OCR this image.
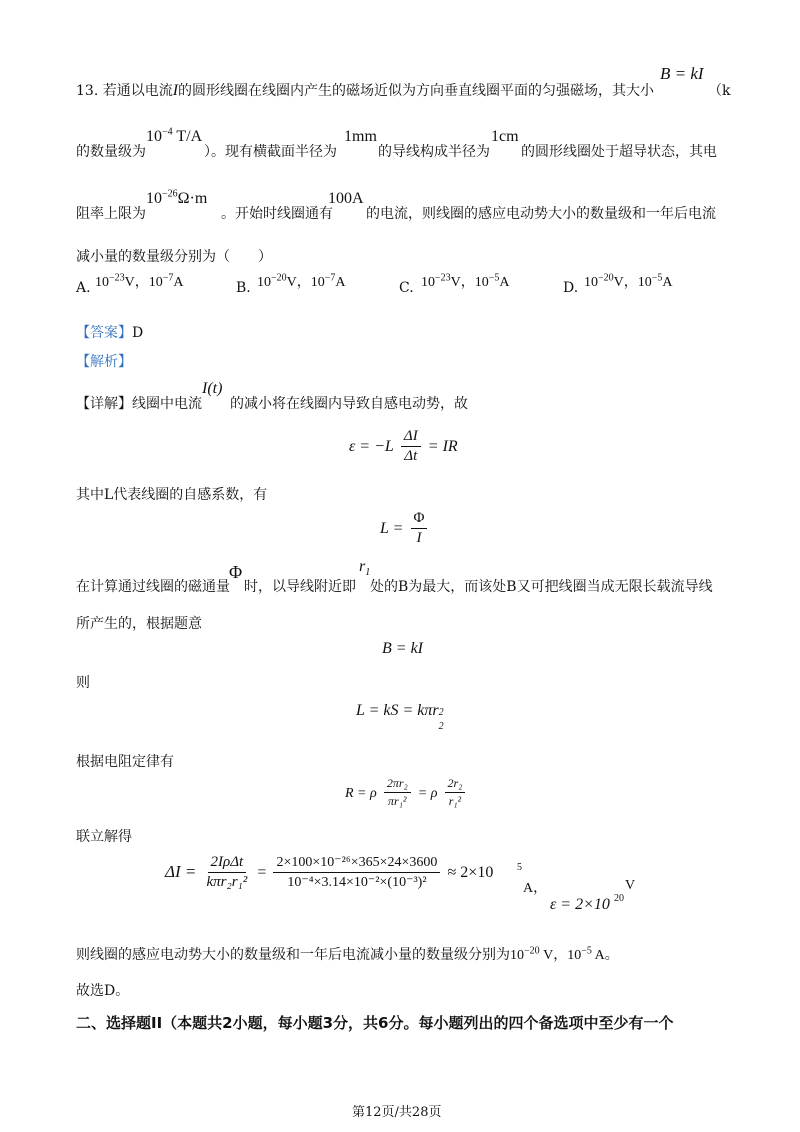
13. 若通以电流I的圆形线圈在线圈内产生的磁场近似为方向垂直线圈平面的匀强磁场，其大小
B = kI
（k
的数量级为
$10^{-4}$ T/A
）。现有横截面半径为
1mm
的导线构成半径为
1cm
的圆形线圈处于超导状态，其电
阻率上限为
$10^{-26}\Omega\cdot m$
。开始时线圈通有
100A
的电流，则线圈的感应电动势大小的数量级和一年后电流
减小量的数量级分别为（　　）
A. $10^{-23}V$，$10^{-7}A$	B. $10^{-20}V$，$10^{-7}A$	C. $10^{-23}V$，$10^{-5}A$	D. $10^{-20}V$，$10^{-5}A$
【答案】D
【解析】
【详解】线圈中电流
I(t)
的减小将在线圈内导致自感电动势，故
$\varepsilon = -L \frac{\Delta I}{\Delta t}$ = IR
其中L代表线圈的自感系数，有
$L = \frac{\Phi}{I}$
在计算通过线圈的磁通量
Φ
时，以导线附近即
$r_1$
处的B为最大，而该处B又可把线圈当成无限长载流导线
所产生的，根据题意
B = kI
则
L = kS = kπr 2
2
根据电阻定律有
R = ρ $\frac{\text{2πr₂}}{\text{πr₁²}} = \rho \frac{\text{2r₂}}{\text{r₁²}}$
联立解得
$\Delta I = \frac{\text{2IρΔt}}{\text{kπr₂r₁²}} = \frac{\text{2×100×10⁻²⁶×365×24×3600}}{\text{10⁻⁴×3.14×10⁻²×(10⁻³)²}} \approx 2\times 10$ 5
A，
ε = 2×10 20
V
则线圈的感应电动势大小的数量级和一年后电流减小量的数量级分别为$10^{-20}$ V，$10^{-5}$ A。
故选D。
二、选择题II（本题共2小题，每小题3分，共6分。每小题列出的四个备选项中至少有一个
第12页/共28页
